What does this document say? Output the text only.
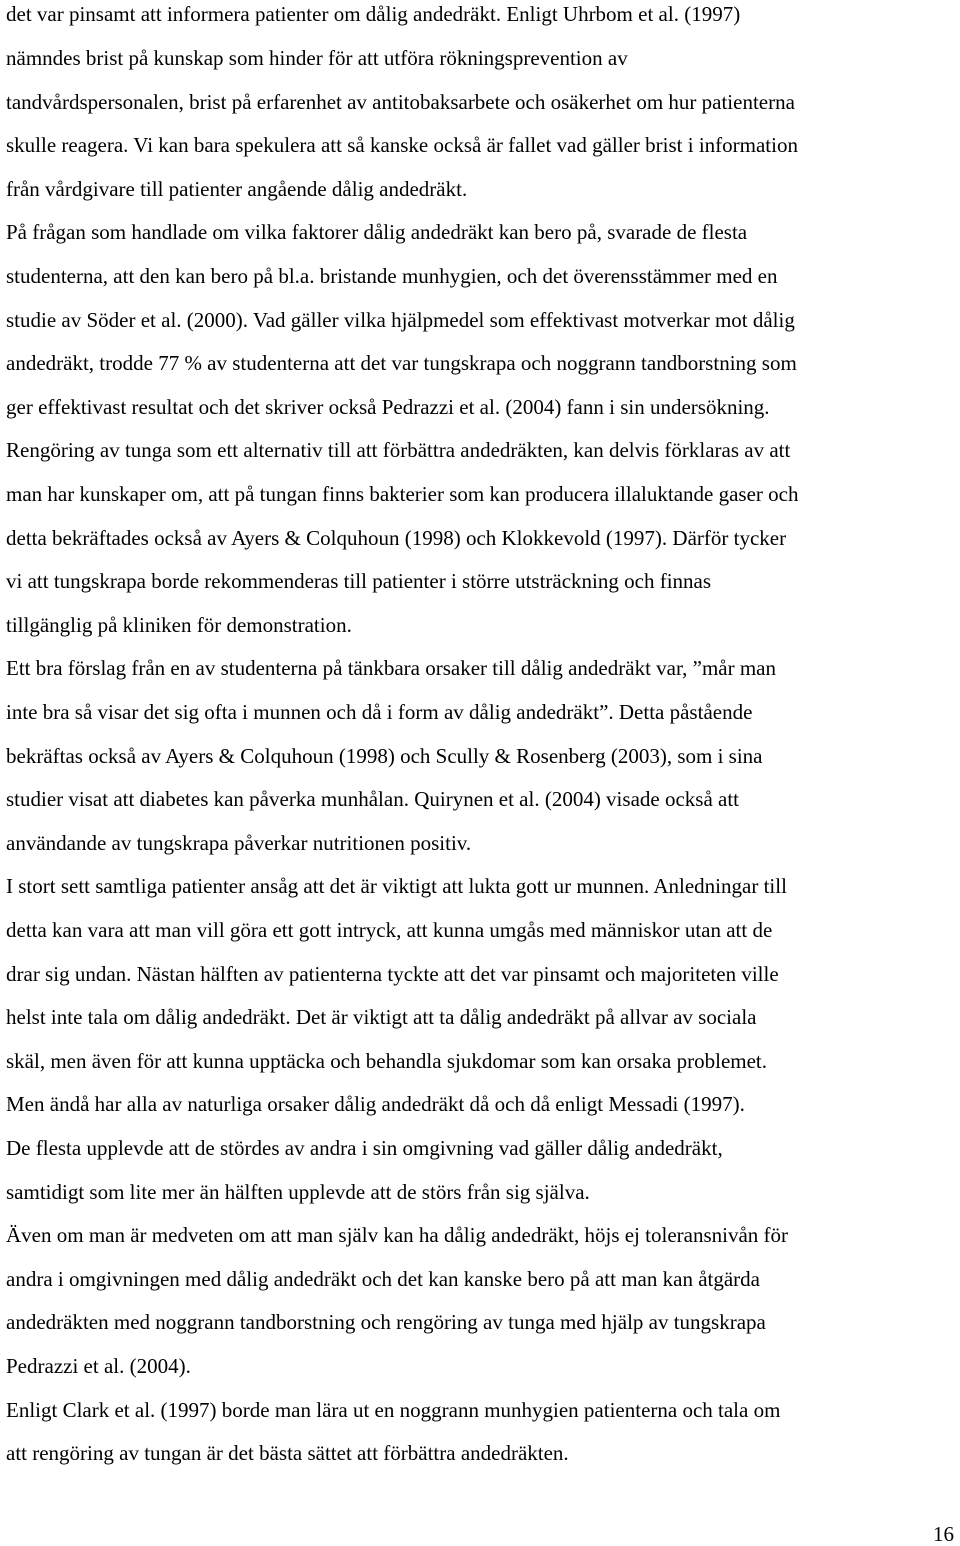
det var pinsamt att informera patienter om dålig andedräkt. Enligt Uhrbom et al. (1997)

nämndes brist på kunskap som hinder för att utföra rökningsprevention av

tandvårdspersonalen, brist på erfarenhet av antitobaksarbete och osäkerhet om hur patienterna

skulle reagera. Vi kan bara spekulera att så kanske också är fallet vad gäller brist i information

från vårdgivare till patienter angående dålig andedräkt.

På frågan som handlade om vilka faktorer dålig andedräkt kan bero på, svarade de flesta

studenterna, att den kan bero på bl.a. bristande munhygien, och det överensstämmer med en

studie av Söder et al. (2000). Vad gäller vilka hjälpmedel som effektivast motverkar mot dålig

andedräkt, trodde 77 % av studenterna att det var tungskrapa och noggrann tandborstning som

ger effektivast resultat och det skriver också Pedrazzi et al. (2004) fann i sin undersökning.

Rengöring av tunga som ett alternativ till att förbättra andedräkten, kan delvis förklaras av att

man har kunskaper om, att på tungan finns bakterier som kan producera illaluktande gaser och

detta bekräftades också av Ayers & Colquhoun (1998) och Klokkevold (1997). Därför tycker

vi att tungskrapa borde rekommenderas till patienter i större utsträckning och finnas

tillgänglig på kliniken för demonstration.

Ett bra förslag från en av studenterna på tänkbara orsaker till dålig andedräkt var, ”mår man

inte bra så visar det sig ofta i munnen och då i form av dålig andedräkt”. Detta påstående

bekräftas också av Ayers & Colquhoun (1998) och Scully & Rosenberg (2003), som i sina

studier visat att diabetes kan påverka munhålan. Quirynen et al. (2004) visade också att

användande av tungskrapa påverkar nutritionen positiv.

I stort sett samtliga patienter ansåg att det är viktigt att lukta gott ur munnen. Anledningar till

detta kan vara att man vill göra ett gott intryck, att kunna umgås med människor utan att de

drar sig undan. Nästan hälften av patienterna tyckte att det var pinsamt och majoriteten ville

helst inte tala om dålig andedräkt. Det är viktigt att ta dålig andedräkt på allvar av sociala

skäl, men även för att kunna upptäcka och behandla sjukdomar som kan orsaka problemet.

Men ändå har alla av naturliga orsaker dålig andedräkt då och då enligt Messadi (1997).

De flesta upplevde att de stördes av andra i sin omgivning vad gäller dålig andedräkt,

samtidigt som lite mer än hälften upplevde att de störs från sig själva.

Även om man är medveten om att man själv kan ha dålig andedräkt, höjs ej toleransnivån för

andra i omgivningen med dålig andedräkt och det kan kanske bero på att man kan åtgärda

andedräkten med noggrann tandborstning och rengöring av tunga med hjälp av tungskrapa

Pedrazzi et al. (2004).

Enligt Clark et al. (1997) borde man lära ut en noggrann munhygien patienterna och tala om

att rengöring av tungan är det bästa sättet att förbättra andedräkten.

16
